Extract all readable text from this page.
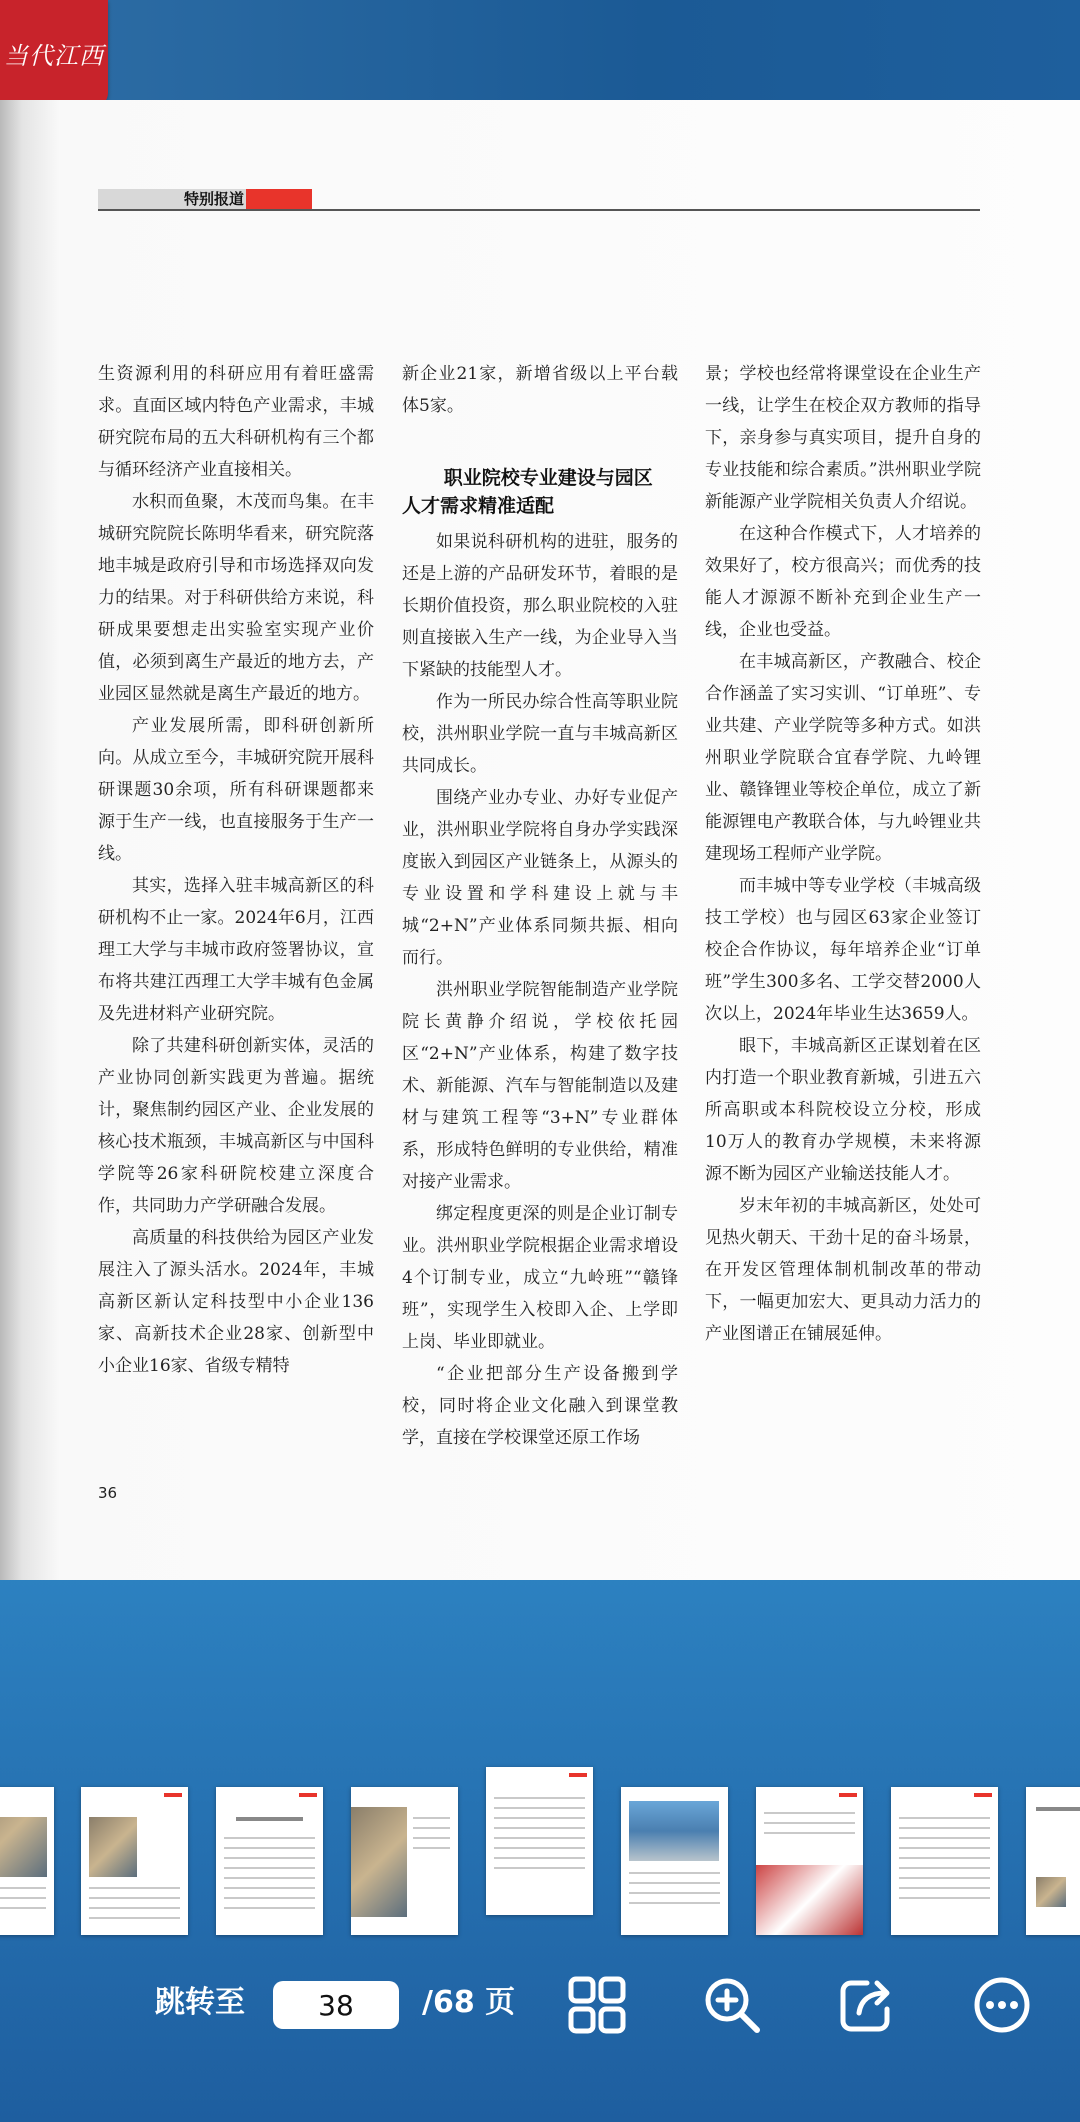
当代江西
特别报道

生资源利用的科研应用有着旺盛需求。直面区域内特色产业需求，丰城研究院布局的五大科研机构有三个都与循环经济产业直接相关。

水积而鱼聚，木茂而鸟集。在丰城研究院院长陈明华看来，研究院落地丰城是政府引导和市场选择双向发力的结果。对于科研供给方来说，科研成果要想走出实验室实现产业价值，必须到离生产最近的地方去，产业园区显然就是离生产最近的地方。

产业发展所需，即科研创新所向。从成立至今，丰城研究院开展科研课题30余项，所有科研课题都来源于生产一线，也直接服务于生产一线。

其实，选择入驻丰城高新区的科研机构不止一家。2024年6月，江西理工大学与丰城市政府签署协议，宣布将共建江西理工大学丰城有色金属及先进材料产业研究院。

除了共建科研创新实体，灵活的产业协同创新实践更为普遍。据统计，聚焦制约园区产业、企业发展的核心技术瓶颈，丰城高新区与中国科学院等26家科研院校建立深度合作，共同助力产学研融合发展。

高质量的科技供给为园区产业发展注入了源头活水。2024年，丰城高新区新认定科技型中小企业136家、高新技术企业28家、创新型中小企业16家、省级专精特

新企业21家，新增省级以上平台载体5家。

职业院校专业建设与园区
人才需求精准适配

如果说科研机构的进驻，服务的还是上游的产品研发环节，着眼的是长期价值投资，那么职业院校的入驻则直接嵌入生产一线，为企业导入当下紧缺的技能型人才。

作为一所民办综合性高等职业院校，洪州职业学院一直与丰城高新区共同成长。

围绕产业办专业、办好专业促产业，洪州职业学院将自身办学实践深度嵌入到园区产业链条上，从源头的专业设置和学科建设上就与丰城“2+N”产业体系同频共振、相向而行。

洪州职业学院智能制造产业学院院长黄静介绍说，学校依托园区“2+N”产业体系，构建了数字技术、新能源、汽车与智能制造以及建材与建筑工程等“3+N”专业群体系，形成特色鲜明的专业供给，精准对接产业需求。

绑定程度更深的则是企业订制专业。洪州职业学院根据企业需求增设4个订制专业，成立“九岭班”“赣锋班”，实现学生入校即入企、上学即上岗、毕业即就业。

“企业把部分生产设备搬到学校，同时将企业文化融入到课堂教学，直接在学校课堂还原工作场

景；学校也经常将课堂设在企业生产一线，让学生在校企双方教师的指导下，亲身参与真实项目，提升自身的专业技能和综合素质。”洪州职业学院新能源产业学院相关负责人介绍说。

在这种合作模式下，人才培养的效果好了，校方很高兴；而优秀的技能人才源源不断补充到企业生产一线，企业也受益。

在丰城高新区，产教融合、校企合作涵盖了实习实训、“订单班”、专业共建、产业学院等多种方式。如洪州职业学院联合宜春学院、九岭锂业、赣锋锂业等校企单位，成立了新能源锂电产教联合体，与九岭锂业共建现场工程师产业学院。

而丰城中等专业学校（丰城高级技工学校）也与园区63家企业签订校企合作协议，每年培养企业“订单班”学生300多名、工学交替2000人次以上，2024年毕业生达3659人。

眼下，丰城高新区正谋划着在区内打造一个职业教育新城，引进五六所高职或本科院校设立分校，形成10万人的教育办学规模，未来将源源不断为园区产业输送技能人才。

岁末年初的丰城高新区，处处可见热火朝天、干劲十足的奋斗场景，在开发区管理体制机制改革的带动下，一幅更加宏大、更具动力活力的产业图谱正在铺展延伸。

36
跳转至
38	/68 页
